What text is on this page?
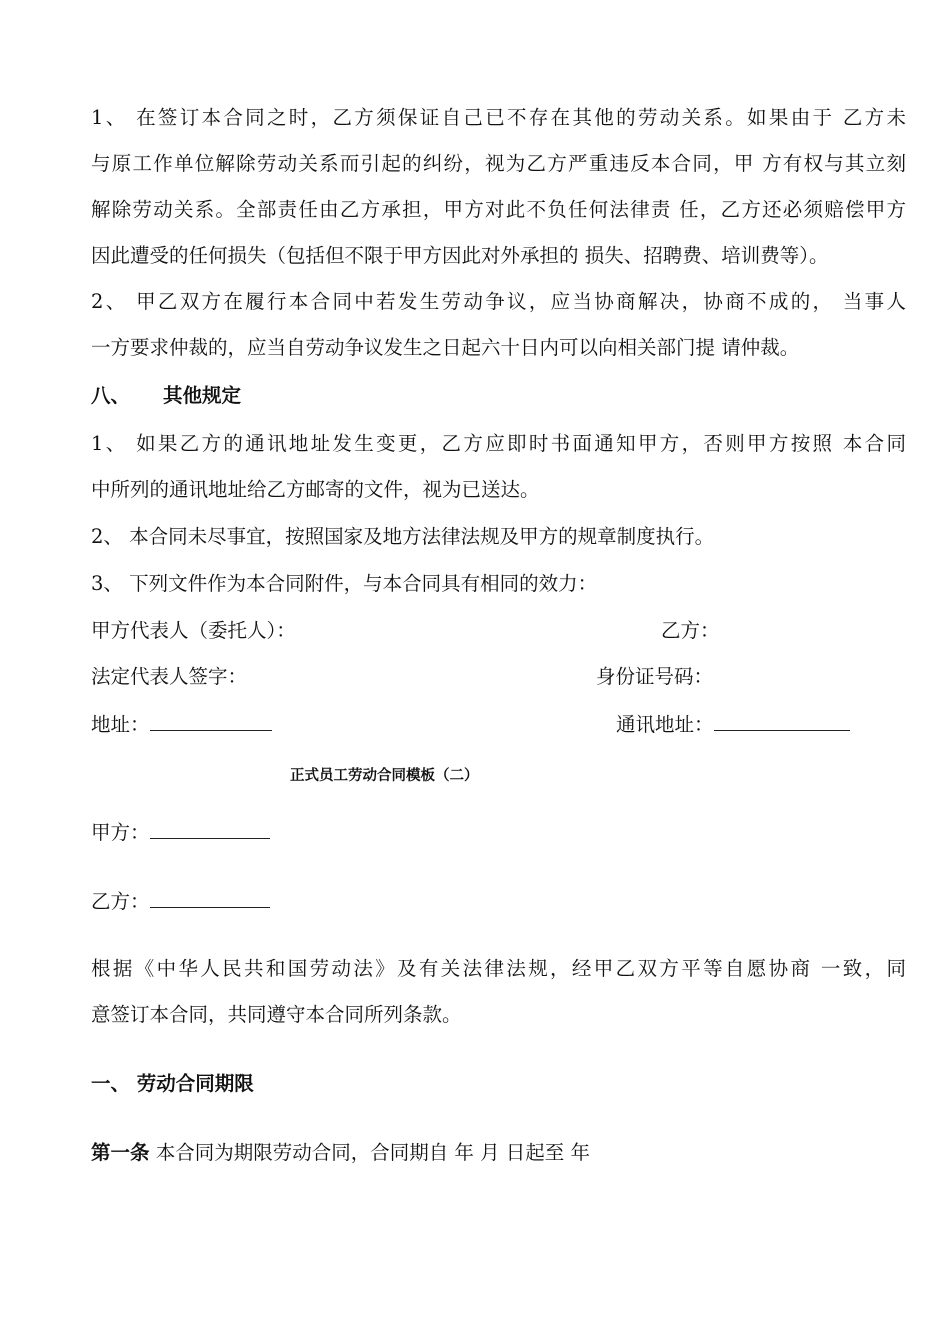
1、 在签订本合同之时，乙方须保证自己已不存在其他的劳动关系。如果由于 乙方未
与原工作单位解除劳动关系而引起的纠纷，视为乙方严重违反本合同，甲 方有权与其立刻
解除劳动关系。全部责任由乙方承担，甲方对此不负任何法律责 任，乙方还必须赔偿甲方
因此遭受的任何损失（包括但不限于甲方因此对外承担的 损失、招聘费、培训费等）。
2、 甲乙双方在履行本合同中若发生劳动争议，应当协商解决，协商不成的， 当事人
一方要求仲裁的，应当自劳动争议发生之日起六十日内可以向相关部门提 请仲裁。
八、 其他规定
1、 如果乙方的通讯地址发生变更，乙方应即时书面通知甲方，否则甲方按照 本合同
中所列的通讯地址给乙方邮寄的文件，视为已送达。
2、 本合同未尽事宜，按照国家及地方法律法规及甲方的规章制度执行。
3、 下列文件作为本合同附件，与本合同具有相同的效力：
甲方代表人（委托人）：	乙方：
法定代表人签字：	身份证号码：
地址：	通讯地址：
正式员工劳动合同模板（二）
甲方：
乙方：
根据《中华人民共和国劳动法》及有关法律法规，经甲乙双方平等自愿协商 一致，同
意签订本合同，共同遵守本合同所列条款。
一、 劳动合同期限
第一条 本合同为期限劳动合同，合同期自 年 月 日起至 年
